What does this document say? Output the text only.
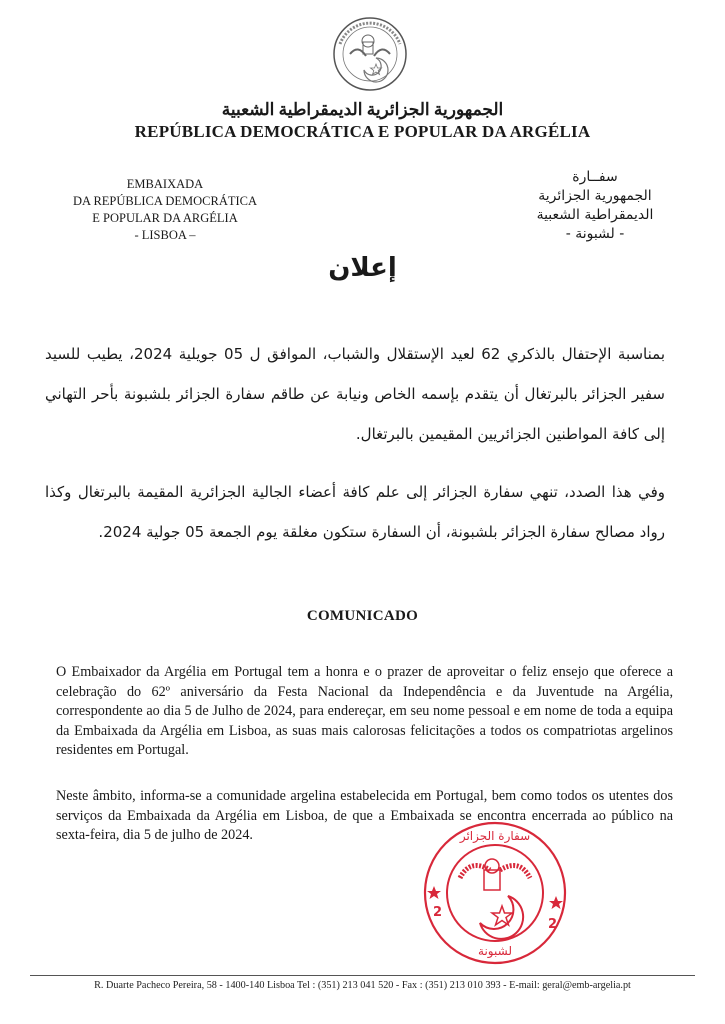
الجمهورية الجزائرية الديمقراطية الشعبية
REPÚBLICA DEMOCRÁTICA E POPULAR DA ARGÉLIA
EMBAIXADA
DA REPÚBLICA DEMOCRÁTICA
E POPULAR DA ARGÉLIA
- LISBOA –
سفــارة
الجمهورية الجزائرية
الديمقراطية الشعبية
- لشبونة -
إعلان
بمناسبة الإحتفال بالذكري 62 لعيد الإستقلال والشباب، الموافق ل 05 جويلية 2024، يطيب للسيد سفير الجزائر بالبرتغال أن يتقدم بإسمه الخاص ونيابة عن طاقم سفارة الجزائر بلشبونة بأحر التهاني إلى كافة المواطنين الجزائريين المقيمين بالبرتغال.
وفي هذا الصدد، تنهي سفارة الجزائر إلى علم كافة أعضاء الجالية الجزائرية المقيمة بالبرتغال وكذا رواد مصالح سفارة الجزائر بلشبونة، أن السفارة ستكون مغلقة يوم الجمعة 05 جولية 2024.
COMUNICADO
O Embaixador da Argélia em Portugal tem a honra e o prazer de aproveitar o feliz ensejo que oferece a celebração do 62º aniversário da Festa Nacional da Independência e da Juventude na Argélia, correspondente ao dia 5 de Julho de 2024, para endereçar, em seu nome pessoal e em nome de toda a equipa da Embaixada da Argélia em Lisboa, as suas mais calorosas felicitações a todos os compatriotas argelinos residentes em Portugal.
Neste âmbito, informa-se a comunidade argelina estabelecida em Portugal, bem como todos os utentes dos serviços da Embaixada da Argélia em Lisboa, de que a Embaixada se encontra encerrada ao público na sexta-feira, dia 5 de julho de 2024.
2
2
سفارة الجزائر
لشبونة
R. Duarte Pacheco Pereira, 58 - 1400-140 Lisboa Tel : (351) 213 041 520 - Fax : (351) 213 010 393 - E-mail: geral@emb-argelia.pt
